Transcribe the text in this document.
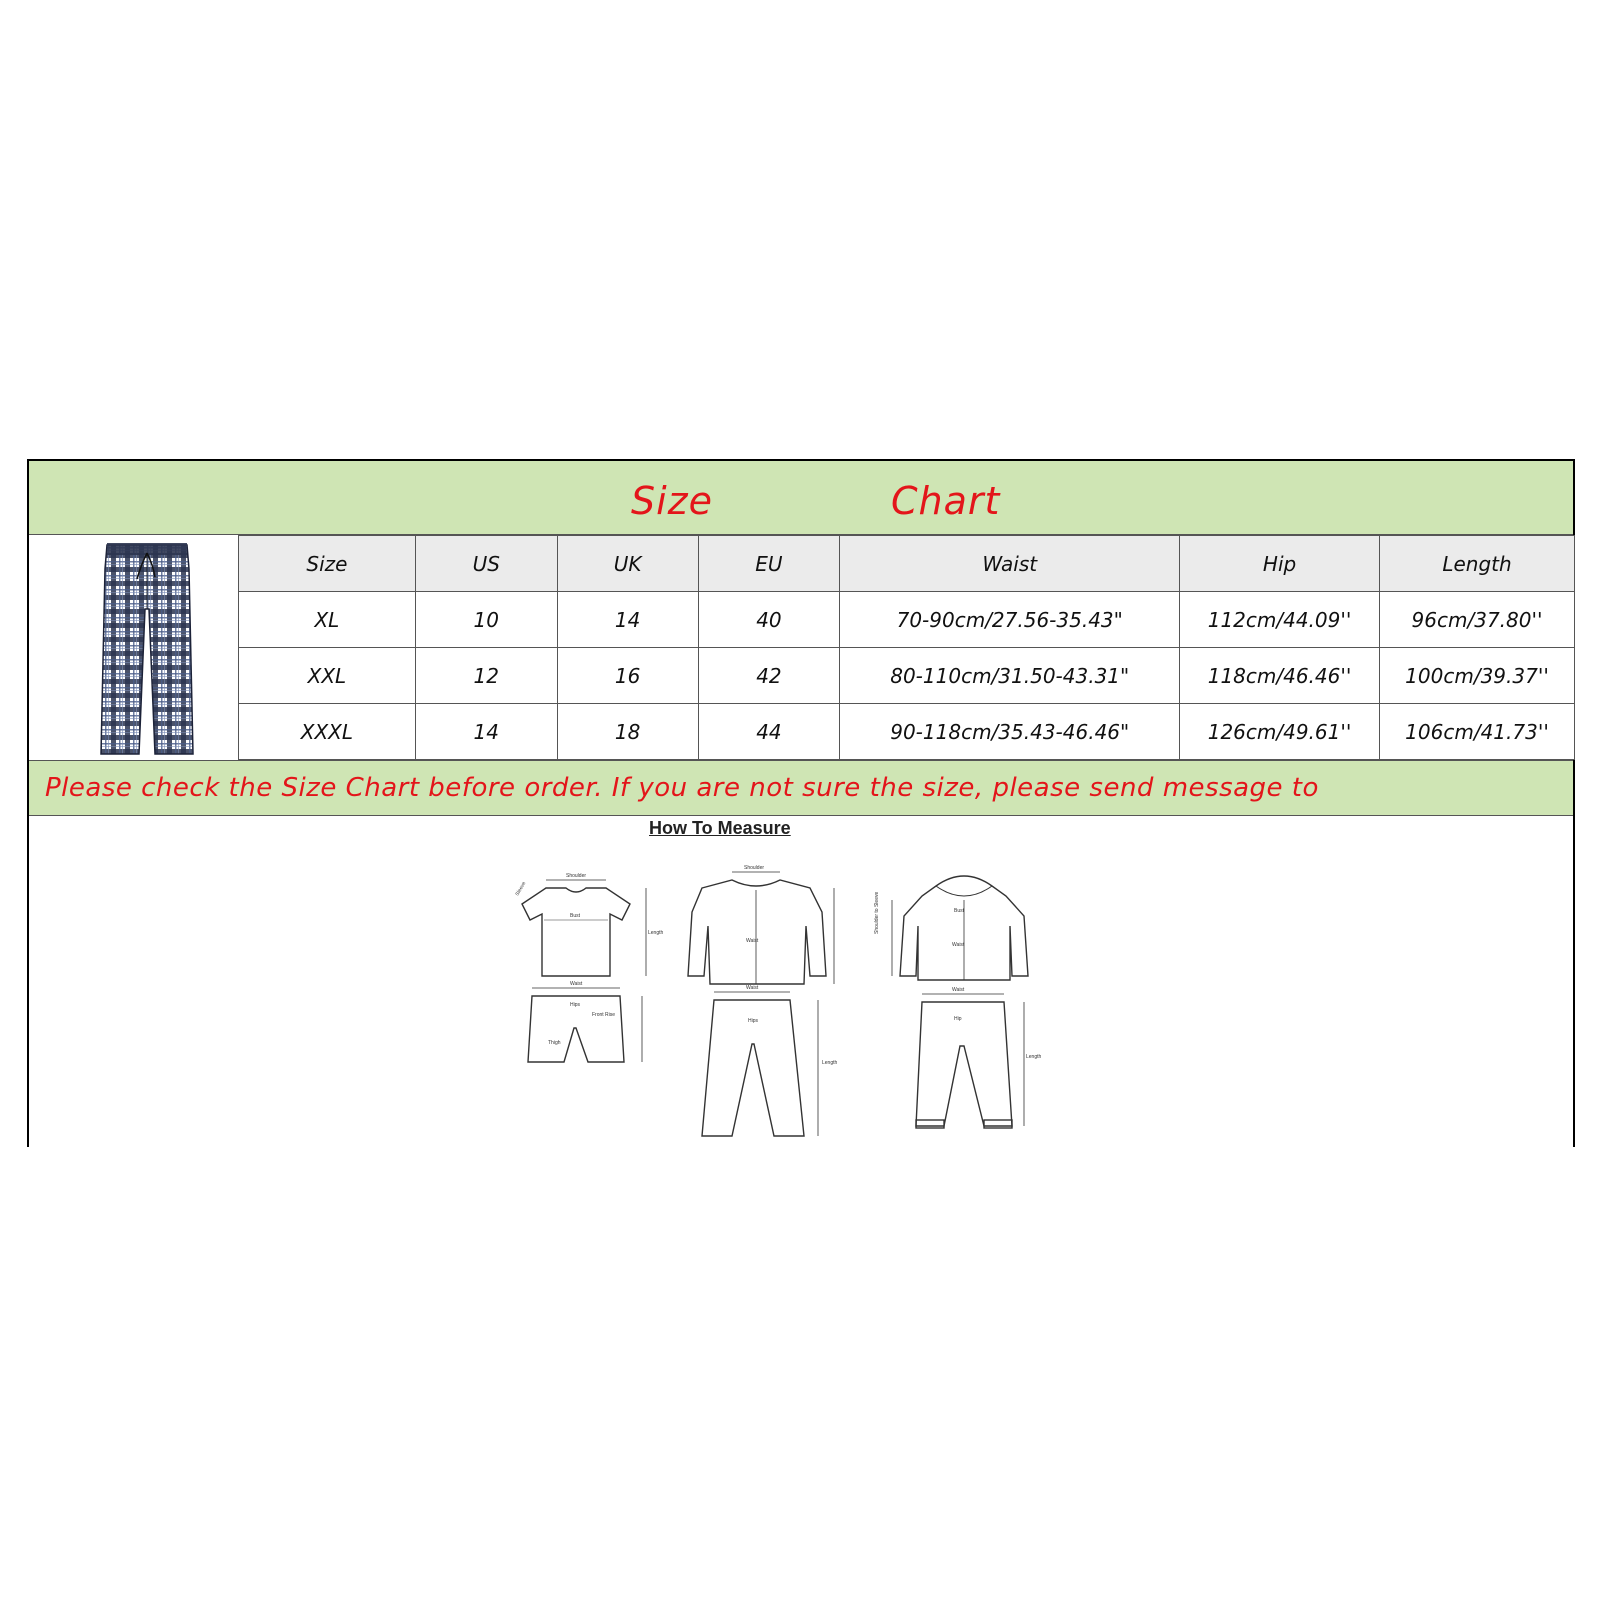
Size	Chart
Size	US	UK	EU	Waist	Hip	Length
XL	10	14	40	70-90cm/27.56-35.43"	112cm/44.09''	96cm/37.80''
XXL	12	16	42	80-110cm/31.50-43.31"	118cm/46.46''	100cm/39.37''
XXXL	14	18	44	90-118cm/35.43-46.46"	126cm/49.61''	106cm/41.73''
Please check the Size Chart before order. If you are not sure the size, please send message to
Shoulder
Bust
Length
Waist
Hips
Front Rise
Thigh
Shoulder
Waist
Waist
Hips
Length
Bust
Waist
Waist
Hip
Length
Shoulder to Sleeve
Sleeve
How To Measure
